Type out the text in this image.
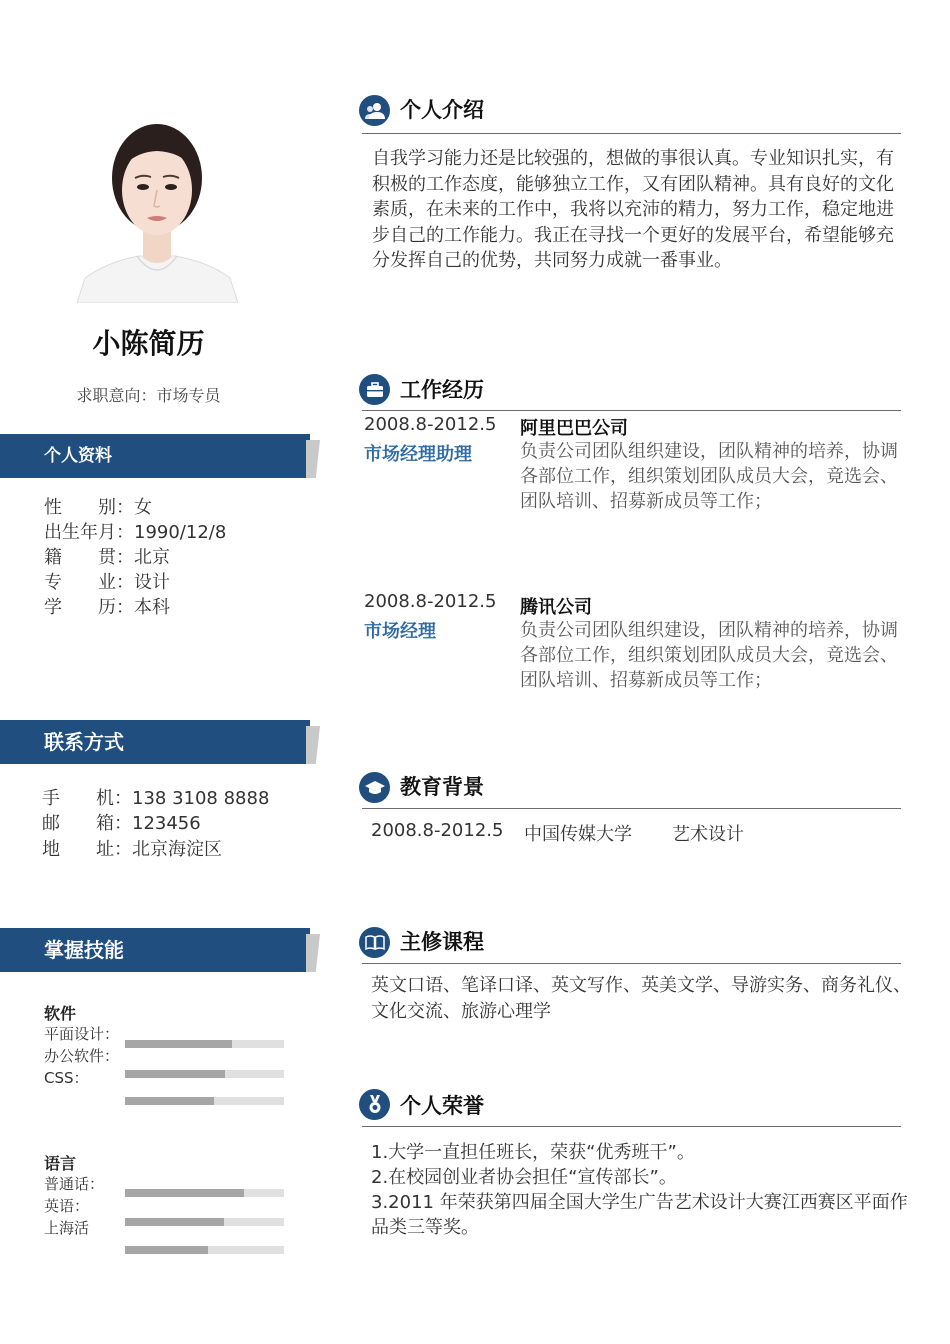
小陈简历
求职意向：市场专员
个人资料
性　　别：女
出生年月：1990/12/8
籍　　贯：北京
专　　业：设计
学　　历：本科
联系方式
手　　机：138 3108 8888
邮　　箱：123456
地　　址：北京海淀区
掌握技能
软件
平面设计：
办公软件：
CSS：
语言
普通话：
英语：
上海活
个人介绍
自我学习能力还是比较强的，想做的事很认真。专业知识扎实，有积极的工作态度，能够独立工作，又有团队精神。具有良好的文化素质，在未来的工作中，我将以充沛的精力，努力工作，稳定地进步自己的工作能力。我正在寻找一个更好的发展平台，希望能够充分发挥自己的优势，共同努力成就一番事业。
工作经历
2008.8-2012.5
市场经理助理
阿里巴巴公司
负责公司团队组织建设，团队精神的培养，协调各部位工作，组织策划团队成员大会，竟选会、团队培训、招募新成员等工作；
2008.8-2012.5
市场经理
腾讯公司
负责公司团队组织建设，团队精神的培养，协调各部位工作，组织策划团队成员大会，竟选会、团队培训、招募新成员等工作；
教育背景
2008.8-2012.5 中国传媒大学 艺术设计
主修课程
英文口语、笔译口译、英文写作、英美文学、导游实务、商务礼仪、文化交流、旅游心理学
个人荣誉
1.大学一直担任班长，荣获“优秀班干”。
2.在校园创业者协会担任“宣传部长”。
3.2011 年荣获第四届全国大学生广告艺术设计大赛江西赛区平面作品类三等奖。
